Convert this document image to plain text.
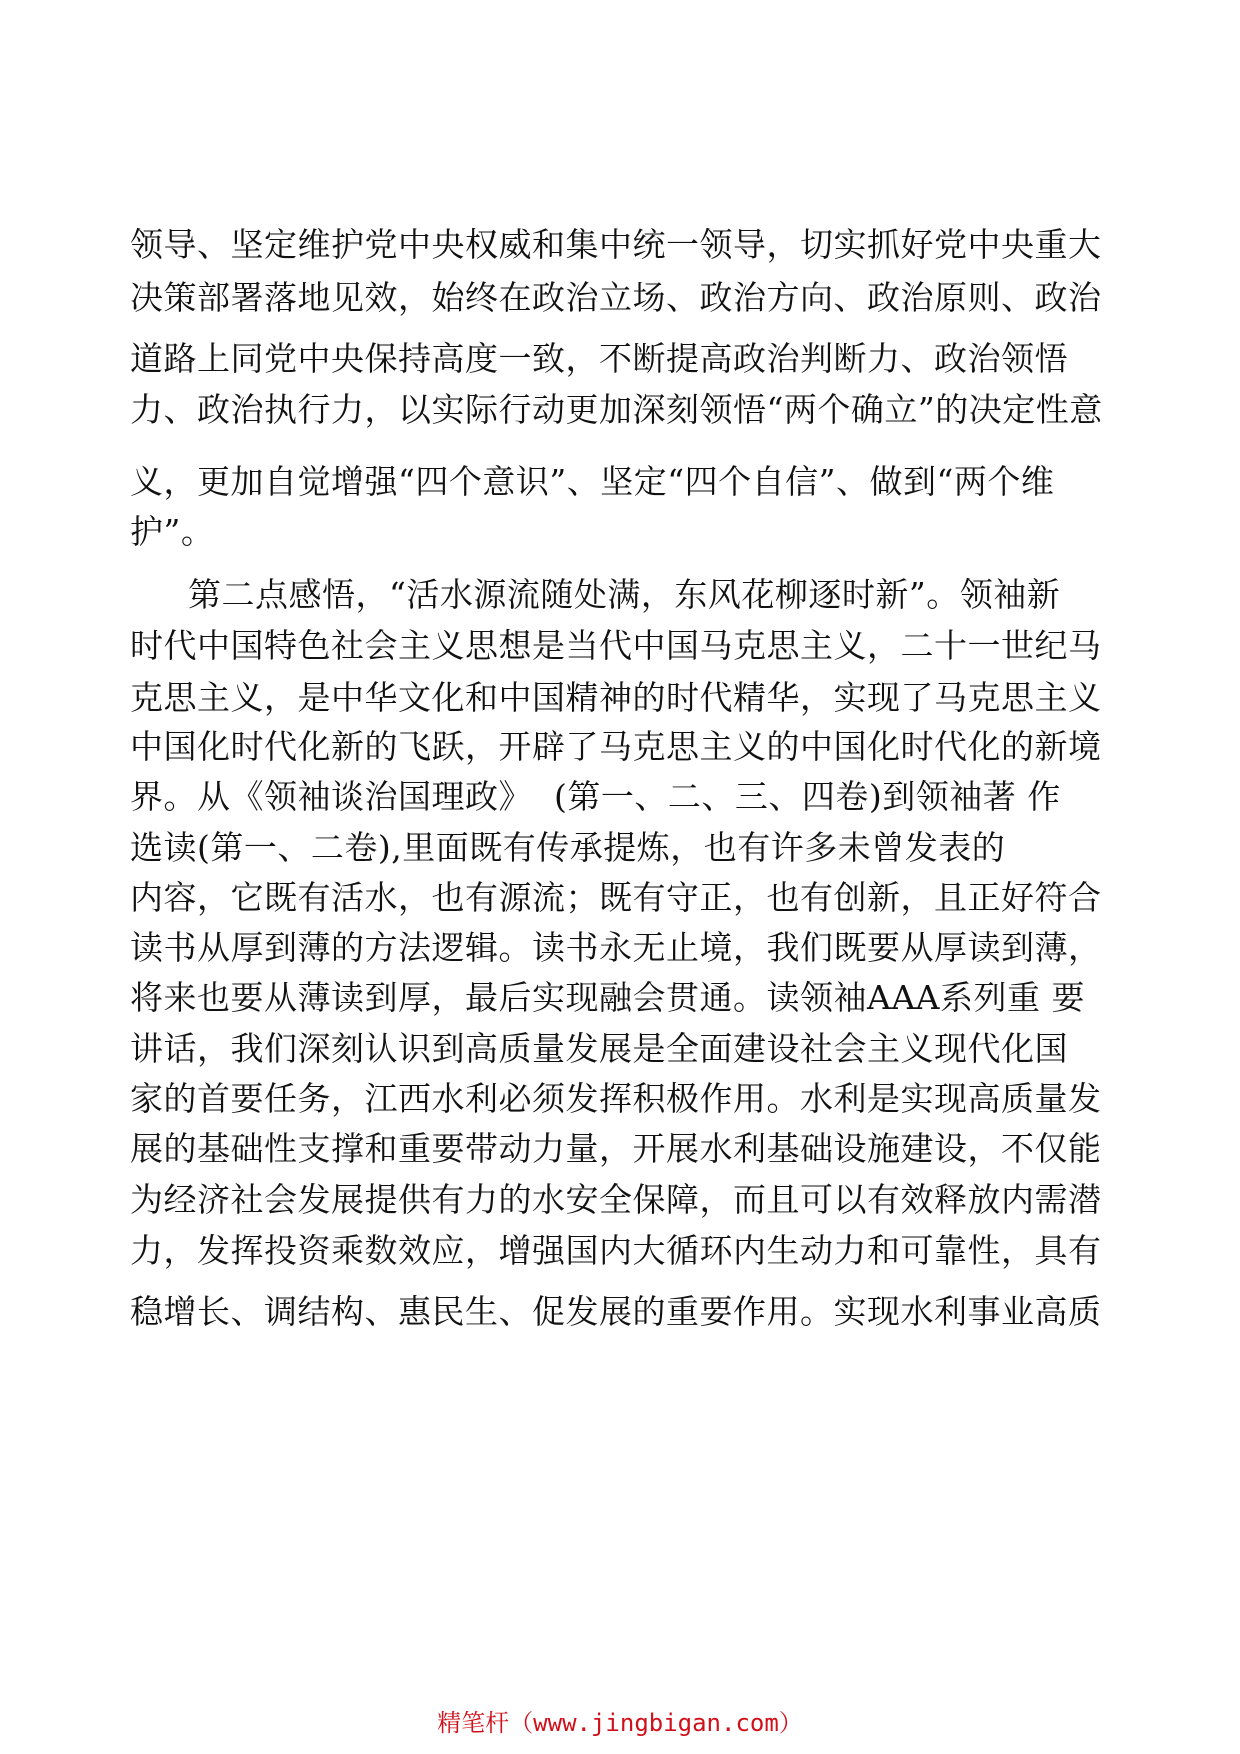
领导、坚定维护党中央权威和集中统一领导，切实抓好党中央重大
决策部署落地见效，始终在政治立场、政治方向、政治原则、政治
道路上同党中央保持高度一致，不断提高政治判断力、政治领悟
力、政治执行力，以实际行动更加深刻领悟“两个确立”的决定性意
义，更加自觉增强“四个意识”、坚定“四个自信”、做到“两个维
护”。
第二点感悟，“活水源流随处满，东风花柳逐时新”。领袖新
时代中国特色社会主义思想是当代中国马克思主义，二十一世纪马
克思主义，是中华文化和中国精神的时代精华，实现了马克思主义
中国化时代化新的飞跃，开辟了马克思主义的中国化时代化的新境
界。从《领袖谈治国理政》  (第一、二、三、四卷)到领袖著 作
选读(第一、二卷),里面既有传承提炼，也有许多未曾发表的
内容，它既有活水，也有源流；既有守正，也有创新，且正好符合
读书从厚到薄的方法逻辑。读书永无止境，我们既要从厚读到薄，
将来也要从薄读到厚，最后实现融会贯通。读领袖AAA系列重 要
讲话，我们深刻认识到高质量发展是全面建设社会主义现代化国
家的首要任务，江西水利必须发挥积极作用。水利是实现高质量发
展的基础性支撑和重要带动力量，开展水利基础设施建设，不仅能
为经济社会发展提供有力的水安全保障，而且可以有效释放内需潜
力，发挥投资乘数效应，增强国内大循环内生动力和可靠性，具有
稳增长、调结构、惠民生、促发展的重要作用。实现水利事业高质
精笔杆（www.jingbigan.com）
